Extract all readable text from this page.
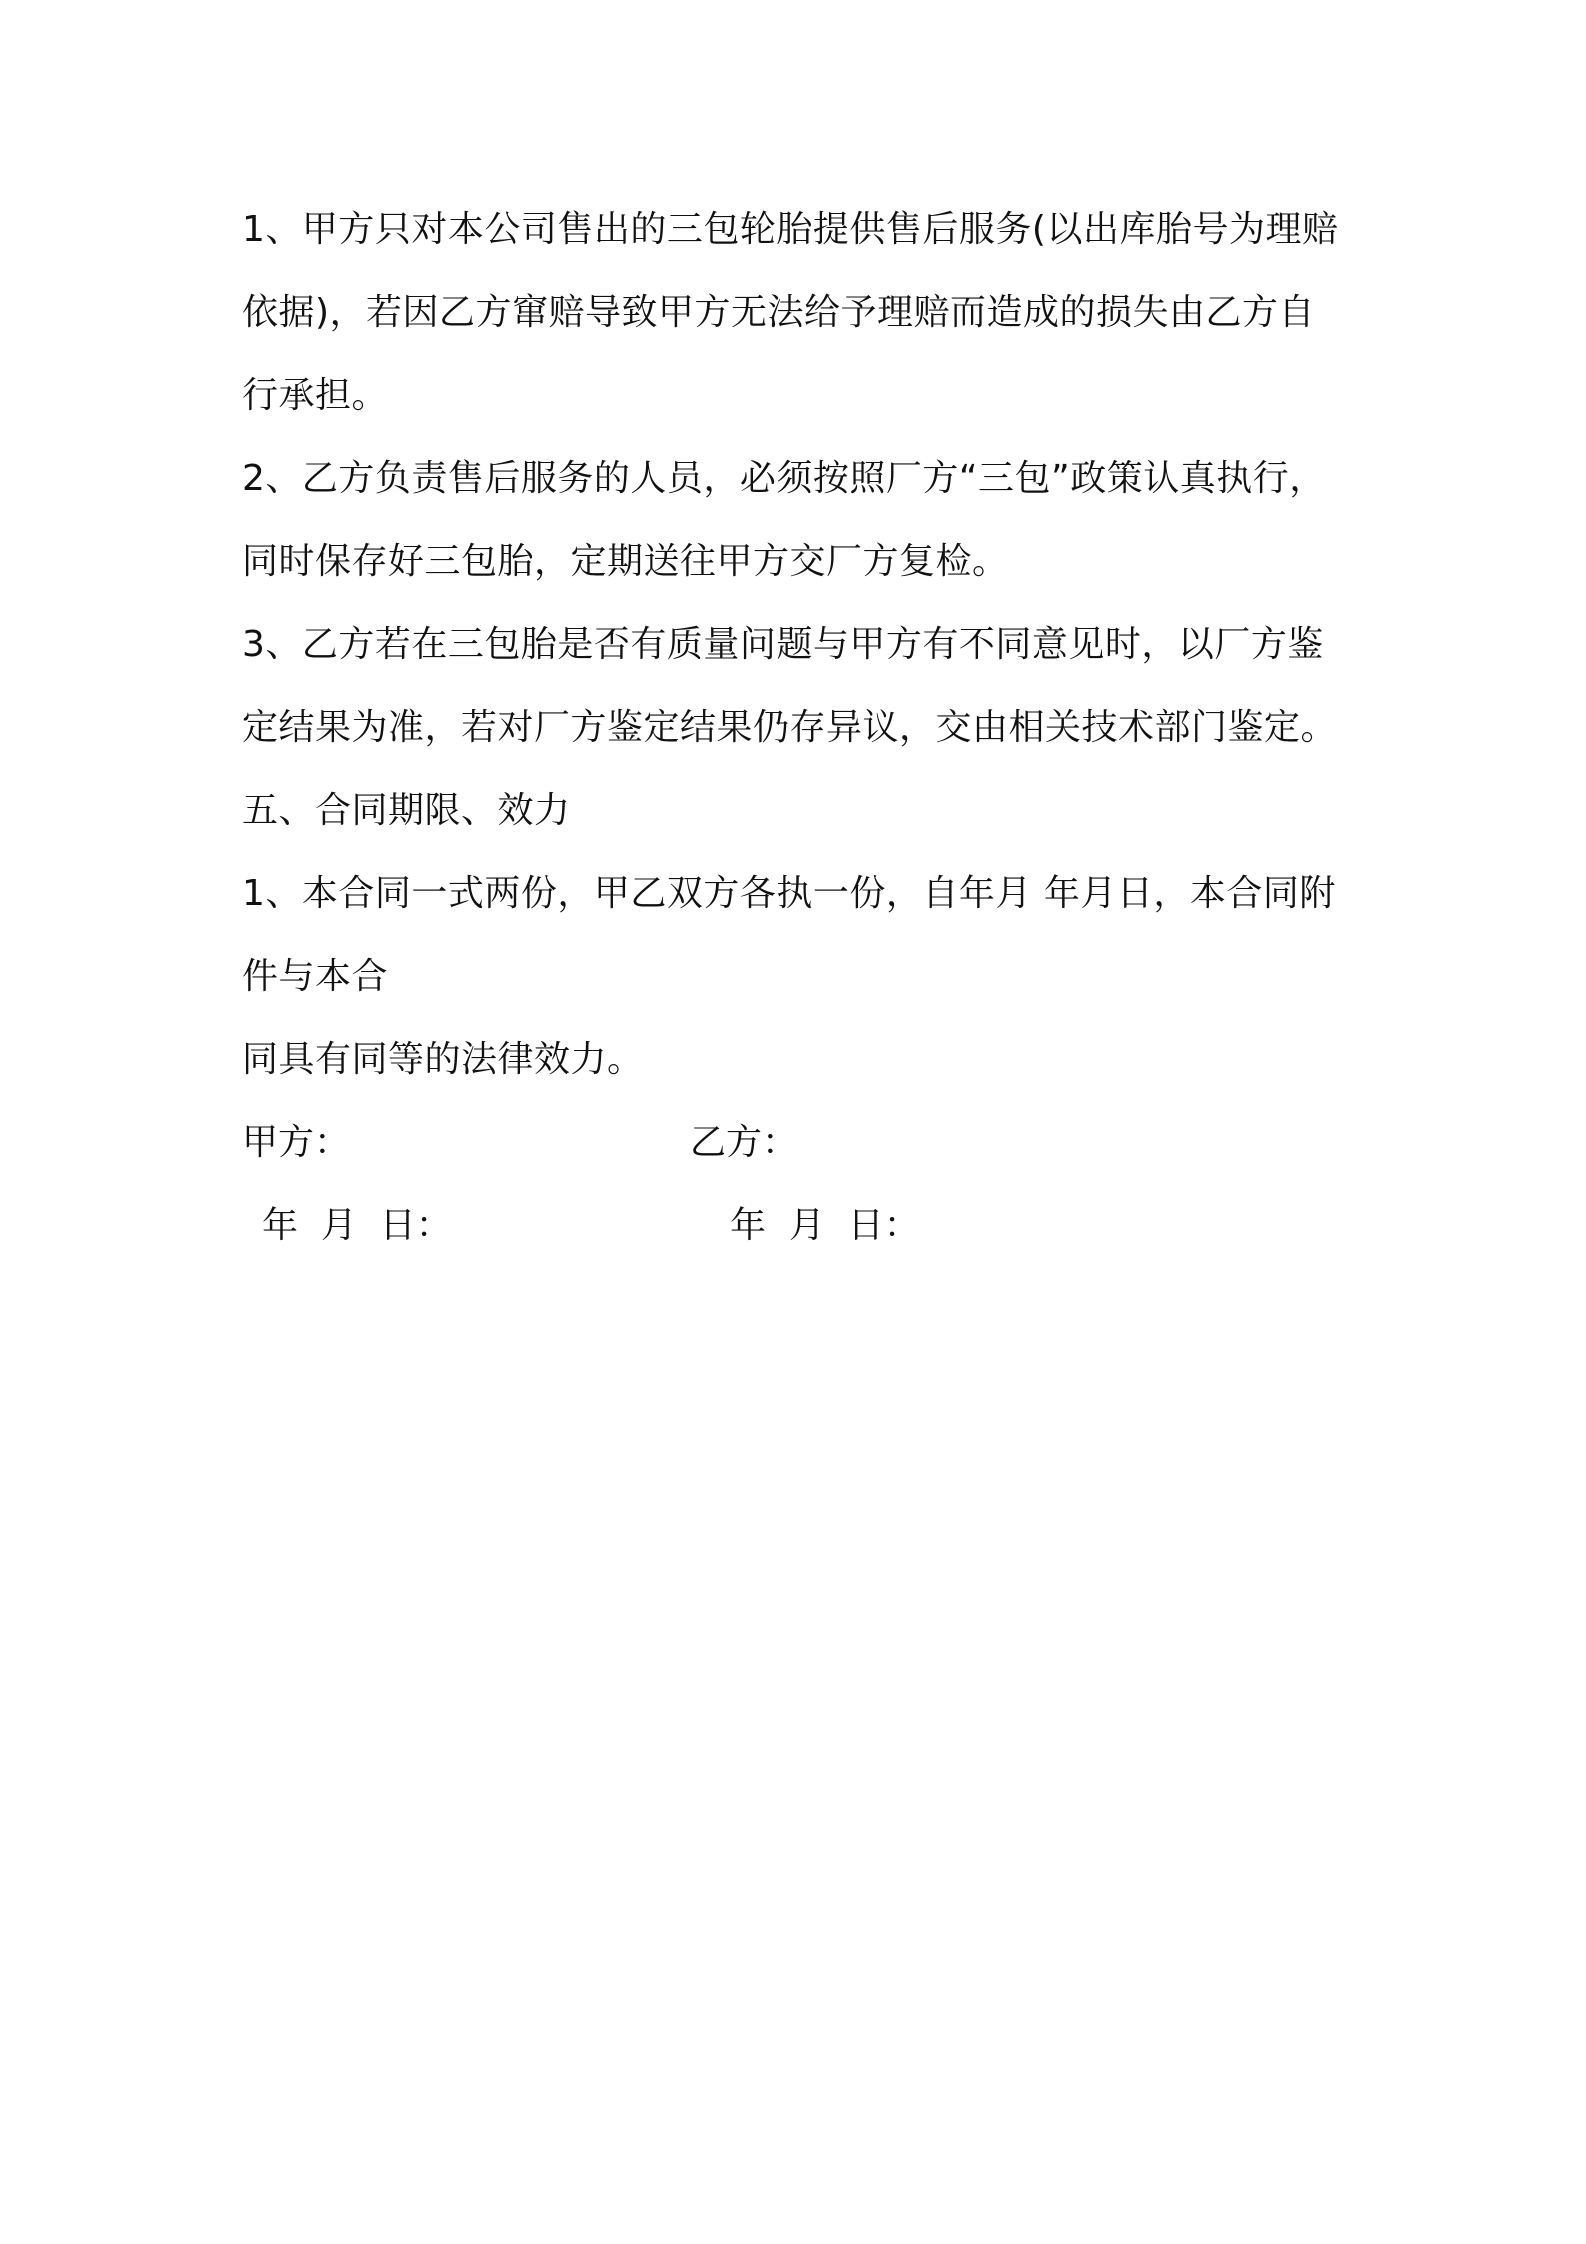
1、甲方只对本公司售出的三包轮胎提供售后服务(以出库胎号为理赔
依据)，若因乙方窜赔导致甲方无法给予理赔而造成的损失由乙方自
行承担。
2、乙方负责售后服务的人员，必须按照厂方“三包”政策认真执行，
同时保存好三包胎，定期送往甲方交厂方复检。
3、乙方若在三包胎是否有质量问题与甲方有不同意见时，以厂方鉴
定结果为准，若对厂方鉴定结果仍存异议，交由相关技术部门鉴定。
五、合同期限、效力
1、本合同一式两份，甲乙双方各执一份，自年月 年月日，本合同附
件与本合
同具有同等的法律效力。
甲方：	乙方：
年  月  日：	年  月  日：
